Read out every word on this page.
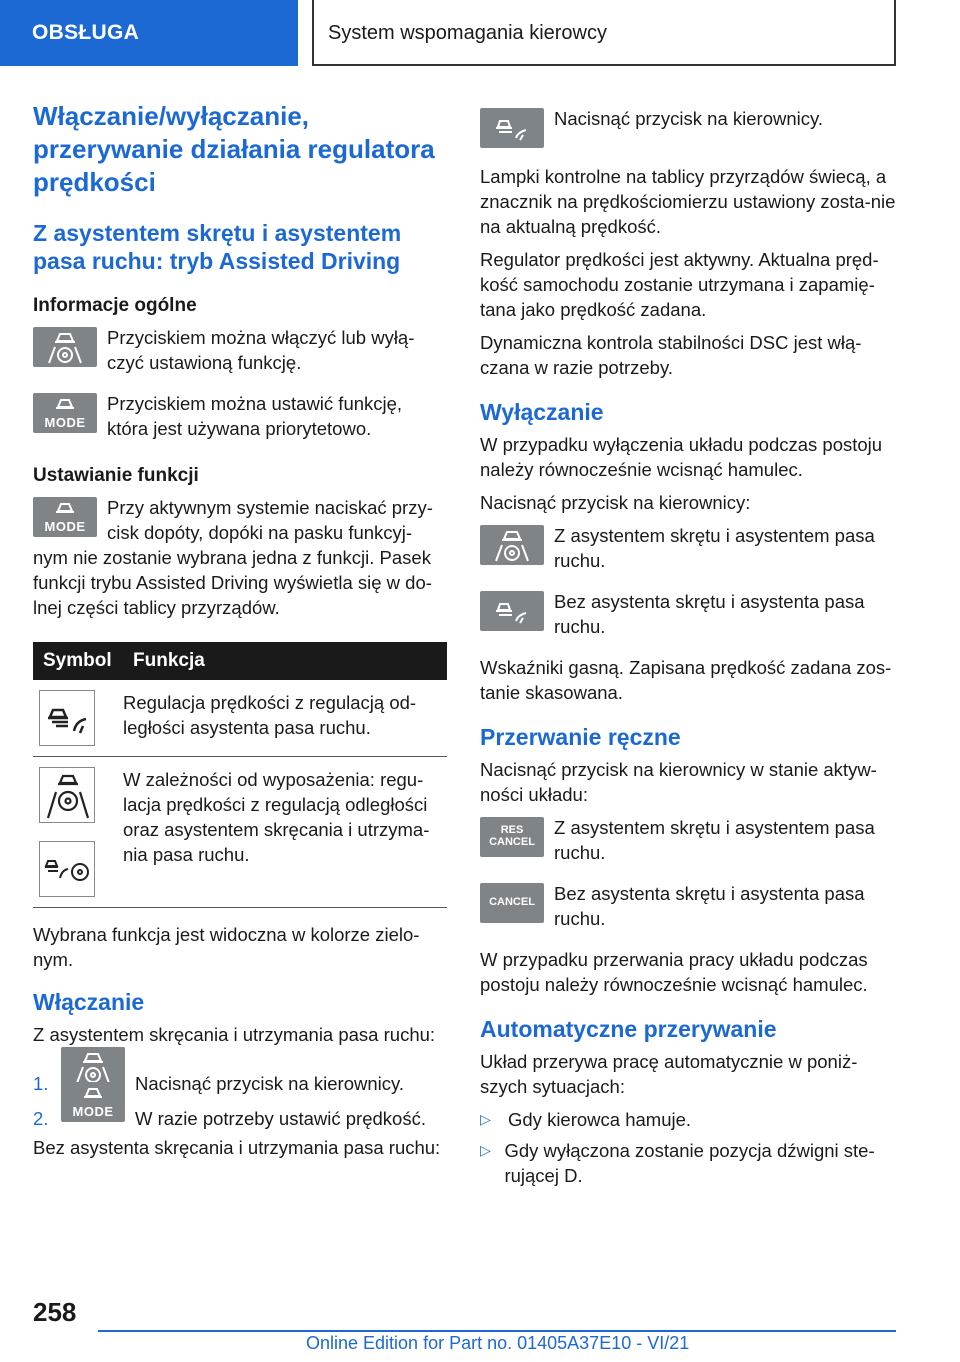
OBSŁUGA	System wspomagania kierowcy
Włączanie/wyłączanie, przerywanie działania regulatora prędkości
Z asystentem skrętu i asystentem pasa ruchu: tryb Assisted Driving
Informacje ogólne

Przyciskiem można włączyć lub wyłą-czyć ustawioną funkcję.

MODE

Przyciskiem można ustawić funkcję, która jest używana priorytetowo.

Ustawianie funkcji
MODE

Przy aktywnym systemie naciskać przy-cisk dopóty, dopóki na pasku funkcyj-nym nie zostanie wybrana jedna z funkcji. Pasek funkcji trybu Assisted Driving wyświetla się w do-lnej części tablicy przyrządów.

Symbol	Funkcja

	Regulacja prędkości z regulacją od-ległości asystenta pasa ruchu.

	W zależności od wyposażenia: regu-lacja prędkości z regulacją odległości oraz asystentem skręcania i utrzyma-nia pasa ruchu.

Wybrana funkcja jest widoczna w kolorze zielo-nym.

Włączanie

Z asystentem skręcania i utrzymania pasa ruchu:

1.	Nacisnąć przycisk na kierownicy.

2.	MODE	W razie potrzeby ustawić prędkość.

Bez asystenta skręcania i utrzymania pasa ruchu:

Nacisnąć przycisk na kierownicy.

Lampki kontrolne na tablicy przyrządów świecą, a znacznik na prędkościomierzu ustawiony zosta-nie na aktualną prędkość.

Regulator prędkości jest aktywny. Aktualna pręd-kość samochodu zostanie utrzymana i zapamię-tana jako prędkość zadana.

Dynamiczna kontrola stabilności DSC jest włą-czana w razie potrzeby.

Wyłączanie

W przypadku wyłączenia układu podczas postoju należy równocześnie wcisnąć hamulec.

Nacisnąć przycisk na kierownicy:

Z asystentem skrętu i asystentem pasa ruchu.

Bez asystenta skrętu i asystenta pasa ruchu.

Wskaźniki gasną. Zapisana prędkość zadana zos-tanie skasowana.

Przerwanie ręczne

Nacisnąć przycisk na kierownicy w stanie aktyw-ności układu:

RES
CANCEL

Z asystentem skrętu i asystentem pasa ruchu.

CANCEL	Bez asystenta skrętu i asystenta pasa ruchu.

W przypadku przerwania pracy układu podczas postoju należy równocześnie wcisnąć hamulec.

Automatyczne przerywanie

Układ przerywa pracę automatycznie w poniż-szych sytuacjach:

▷ Gdy kierowca hamuje.

▷ Gdy wyłączona zostanie pozycja dźwigni ste-rującej D.

258
Online Edition for Part no. 01405A37E10 - VI/21
